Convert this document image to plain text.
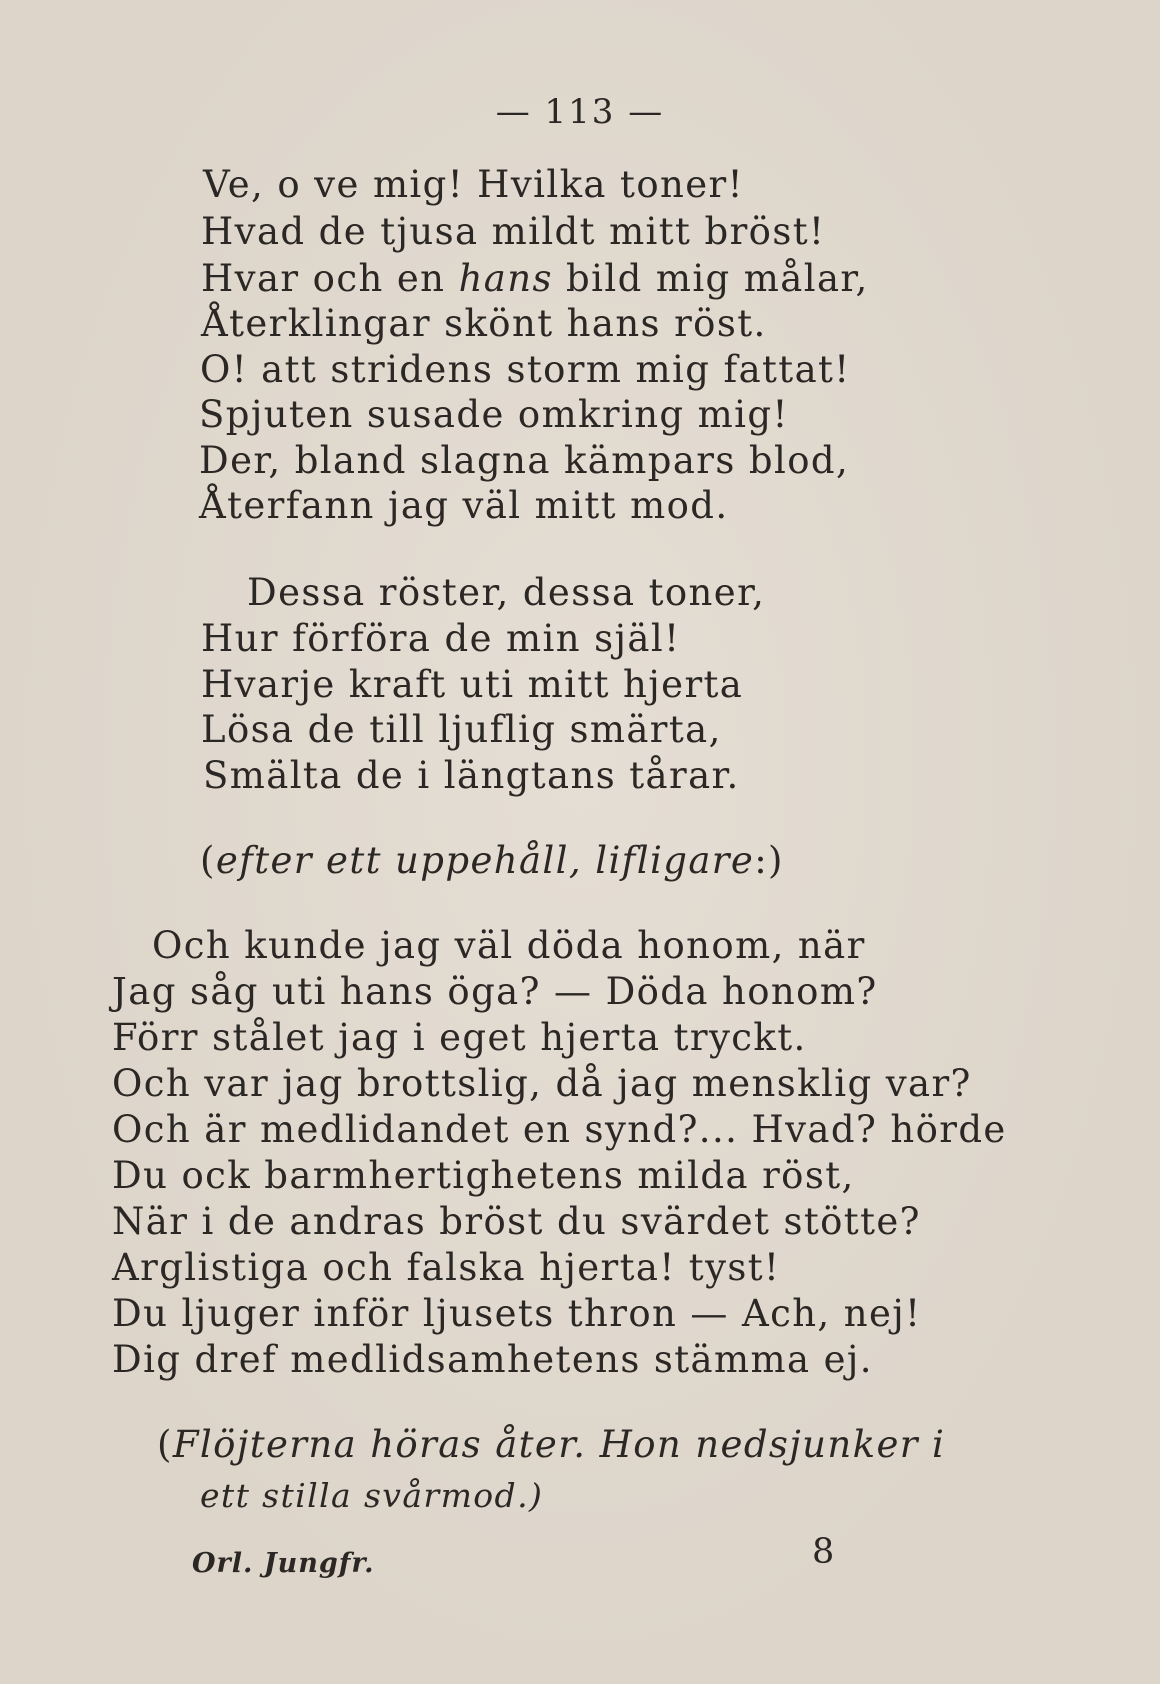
— 113 —
Ve, o ve mig! Hvilka toner!
Hvad de tjusa mildt mitt bröst!
Hvar och en hans bild mig målar,
Återklingar skönt hans röst.
O! att stridens storm mig fattat!
Spjuten susade omkring mig!
Der, bland slagna kämpars blod,
Återfann jag väl mitt mod.
Dessa röster, dessa toner,
Hur förföra de min själ!
Hvarje kraft uti mitt hjerta
Lösa de till ljuflig smärta,
Smälta de i längtans tårar.
(efter ett uppehåll, lifligare:)
Och kunde jag väl döda honom, när
Jag såg uti hans öga? — Döda honom?
Förr stålet jag i eget hjerta tryckt.
Och var jag brottslig, då jag mensklig var?
Och är medlidandet en synd?... Hvad? hörde
Du ock barmhertighetens milda röst,
När i de andras bröst du svärdet stötte?
Arglistiga och falska hjerta! tyst!
Du ljuger inför ljusets thron — Ach, nej!
Dig dref medlidsamhetens stämma ej.
(Flöjterna höras åter. Hon nedsjunker i
ett stilla svårmod.)
Orl. Jungfr.	8
